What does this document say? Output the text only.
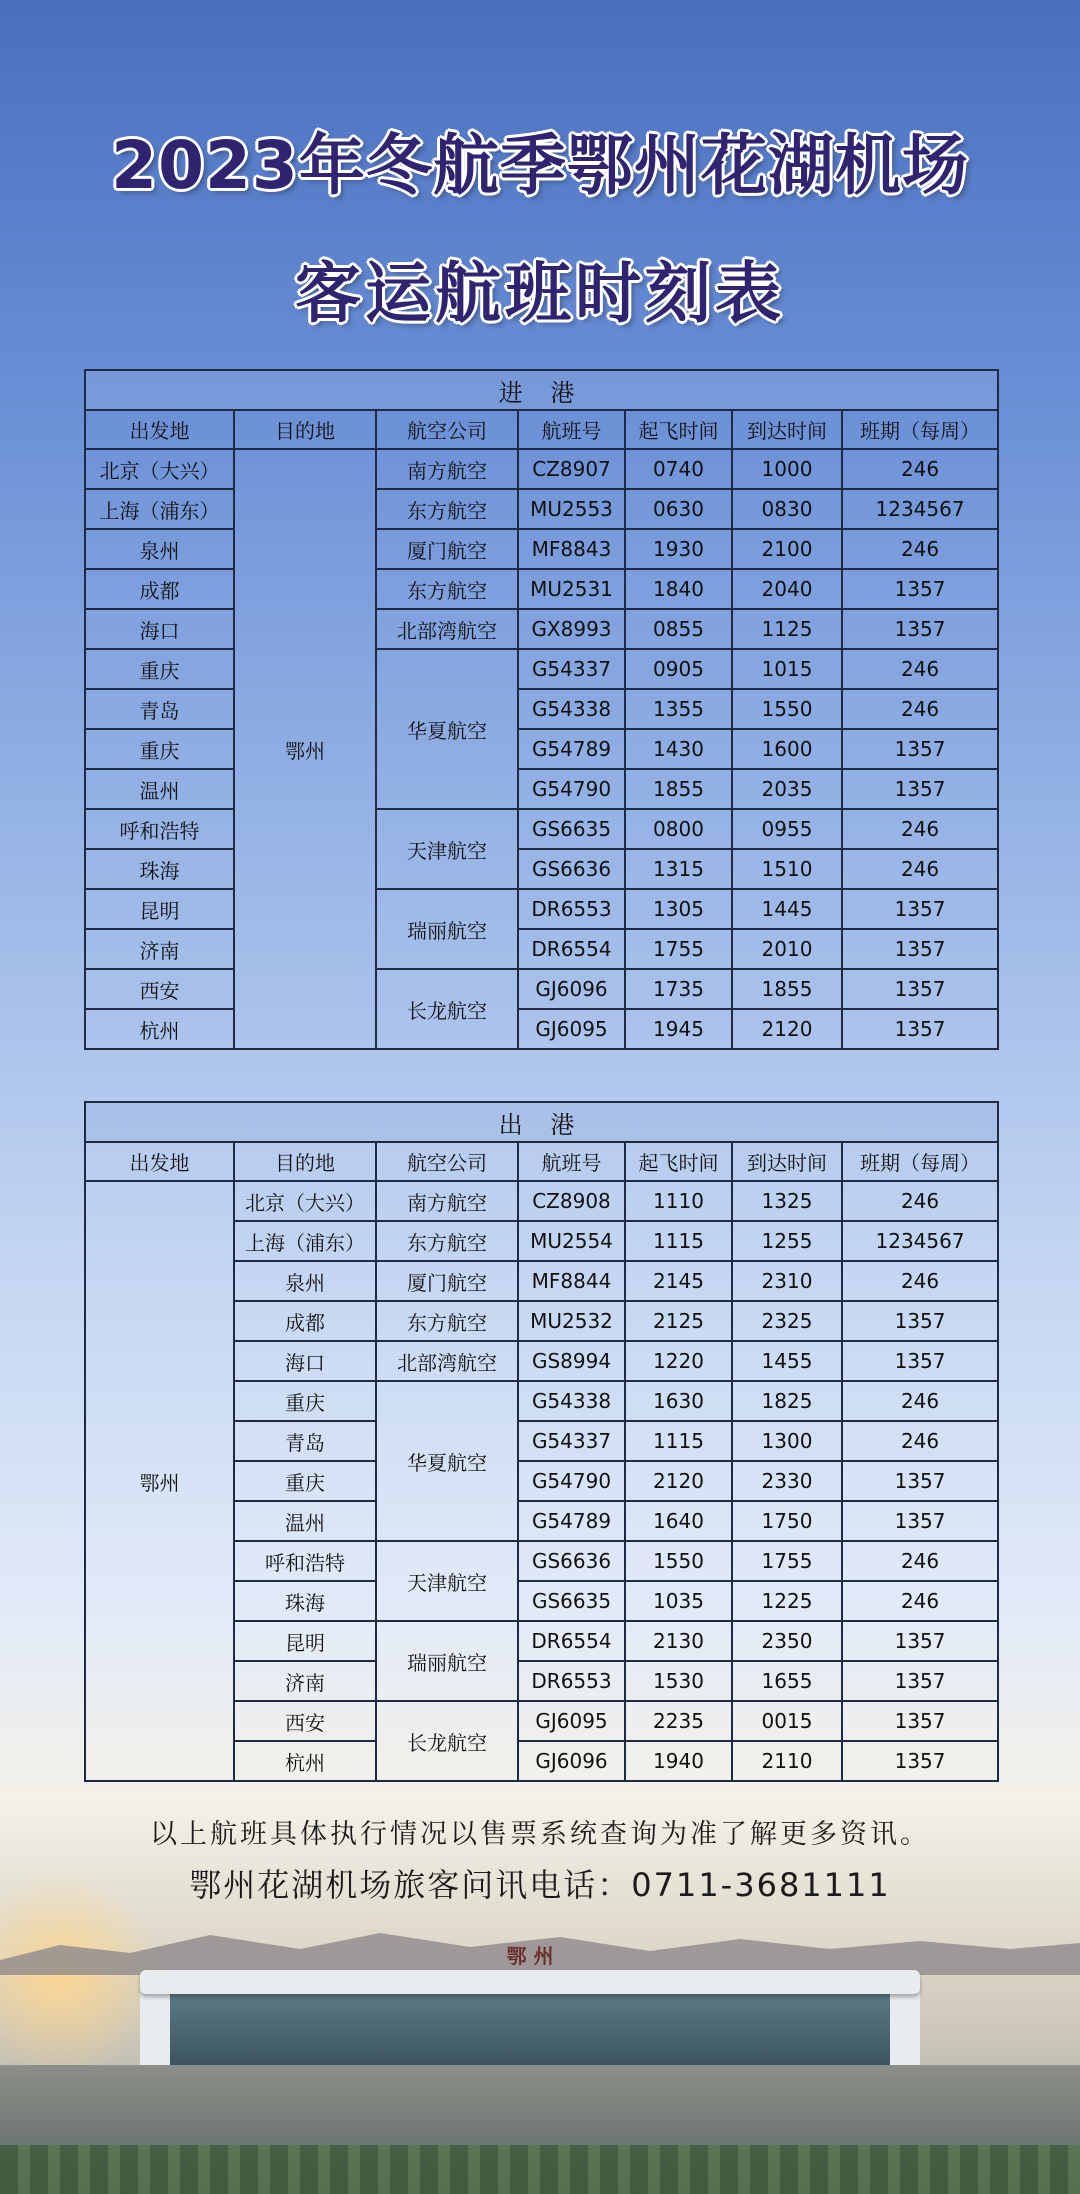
2023年冬航季鄂州花湖机场
客运航班时刻表
进 港						
出发地	目的地	航空公司	航班号	起飞时间	到达时间	班期（每周）
北京（大兴）	鄂州	南方航空	CZ8907	0740	1000	246
上海（浦东）		东方航空	MU2553	0630	0830	1234567
泉州		厦门航空	MF8843	1930	2100	246
成都		东方航空	MU2531	1840	2040	1357
海口		北部湾航空	GX8993	0855	1125	1357
重庆		华夏航空	G54337	0905	1015	246
青岛			G54338	1355	1550	246
重庆			G54789	1430	1600	1357
温州			G54790	1855	2035	1357
呼和浩特		天津航空	GS6635	0800	0955	246
珠海			GS6636	1315	1510	246
昆明		瑞丽航空	DR6553	1305	1445	1357
济南			DR6554	1755	2010	1357
西安		长龙航空	GJ6096	1735	1855	1357
杭州			GJ6095	1945	2120	1357
出 港						
出发地	目的地	航空公司	航班号	起飞时间	到达时间	班期（每周）
鄂州	北京（大兴）	南方航空	CZ8908	1110	1325	246
	上海（浦东）	东方航空	MU2554	1115	1255	1234567
	泉州	厦门航空	MF8844	2145	2310	246
	成都	东方航空	MU2532	2125	2325	1357
	海口	北部湾航空	GS8994	1220	1455	1357
	重庆	华夏航空	G54338	1630	1825	246
	青岛		G54337	1115	1300	246
	重庆		G54790	2120	2330	1357
	温州		G54789	1640	1750	1357
	呼和浩特	天津航空	GS6636	1550	1755	246
	珠海		GS6635	1035	1225	246
	昆明	瑞丽航空	DR6554	2130	2350	1357
	济南		DR6553	1530	1655	1357
	西安	长龙航空	GJ6095	2235	0015	1357
	杭州		GJ6096	1940	2110	1357
以上航班具体执行情况以售票系统查询为准了解更多资讯。
鄂州花湖机场旅客问讯电话：0711-3681111
鄂 州
